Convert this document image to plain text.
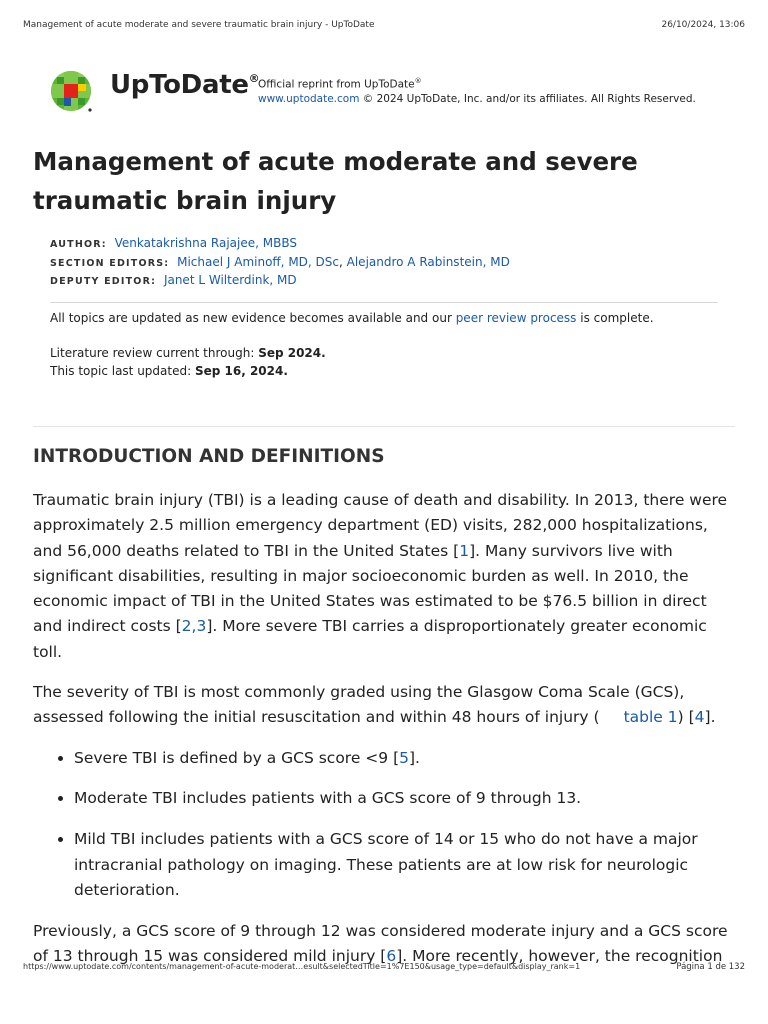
Management of acute moderate and severe traumatic brain injury - UpToDate	26/10/2024, 13:06
UpToDate®
Official reprint from UpToDate®
www.uptodate.com © 2024 UpToDate, Inc. and/or its affiliates. All Rights Reserved.
Management of acute moderate and severe traumatic brain injury
AUTHOR: Venkatakrishna Rajajee, MBBS
SECTION EDITORS: Michael J Aminoff, MD, DSc, Alejandro A Rabinstein, MD
DEPUTY EDITOR: Janet L Wilterdink, MD
All topics are updated as new evidence becomes available and our peer review process is complete.
Literature review current through: Sep 2024.
This topic last updated: Sep 16, 2024.
INTRODUCTION AND DEFINITIONS

Traumatic brain injury (TBI) is a leading cause of death and disability. In 2013, there were approximately 2.5 million emergency department (ED) visits, 282,000 hospitalizations, and 56,000 deaths related to TBI in the United States [1]. Many survivors live with significant disabilities, resulting in major socioeconomic burden as well. In 2010, the economic impact of TBI in the United States was estimated to be $76.5 billion in direct and indirect costs [2,3]. More severe TBI carries a disproportionately greater economic toll.

The severity of TBI is most commonly graded using the Glasgow Coma Scale (GCS), assessed following the initial resuscitation and within 48 hours of injury ( table 1) [4].

• Severe TBI is defined by a GCS score <9 [5].
• Moderate TBI includes patients with a GCS score of 9 through 13.
• Mild TBI includes patients with a GCS score of 14 or 15 who do not have a major intracranial pathology on imaging. These patients are at low risk for neurologic deterioration.

Previously, a GCS score of 9 through 12 was considered moderate injury and a GCS score of 13 through 15 was considered mild injury [6]. More recently, however, the recognition

https://www.uptodate.com/contents/management-of-acute-moderat…esult&selectedTitle=1%7E150&usage_type=default&display_rank=1	Página 1 de 132
